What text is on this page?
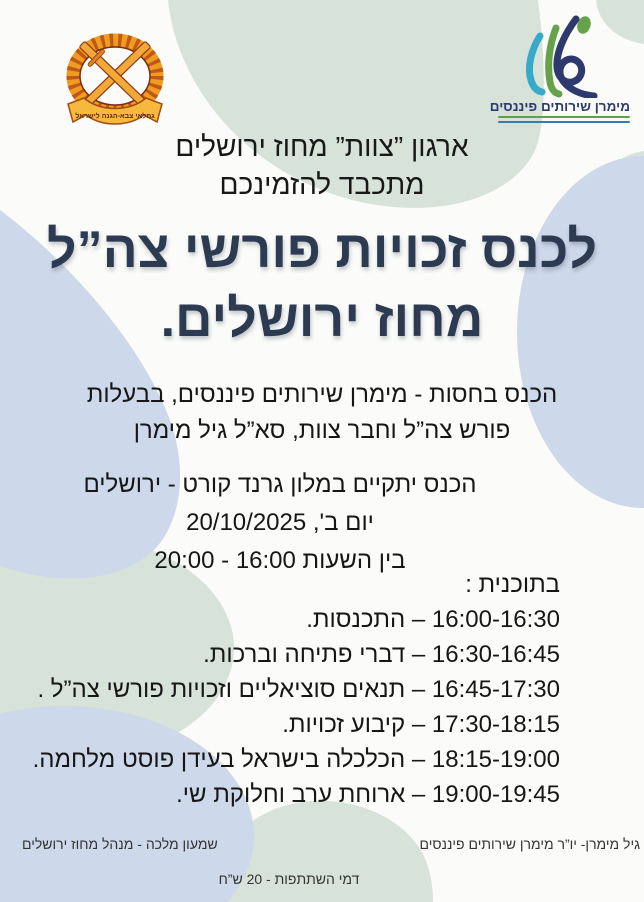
גמלאי צבא-הגנה לישראל
מימרן שירותים פיננסים
ארגון ”צוות” מחוז ירושלים
מתכבד להזמינכם
לכנס זכויות פורשי צה”ל
מחוז ירושלים.
הכנס בחסות - מימרן שירותים פיננסים, בבעלות
פורש צה”ל וחבר צוות, סא”ל גיל מימרן
הכנס יתקיים במלון גרנד קורט - ירושלים
יום ב', 20/10/2025
בין השעות 16:00 - 20:00
בתוכנית :
16:00-16:30 – התכנסות.
16:30-16:45 – דברי פתיחה וברכות.
16:45-17:30 – תנאים סוציאליים וזכויות פורשי צה”ל .
17:30-18:15 – קיבוע זכויות.
18:15-19:00 – הכלכלה בישראל בעידן פוסט מלחמה.
19:00-19:45 – ארוחת ערב וחלוקת שי.
גיל מימרן- יו”ר מימרן שירותים פיננסים
שמעון מלכה - מנהל מחוז ירושלים
דמי השתתפות - 20 ש”ח
